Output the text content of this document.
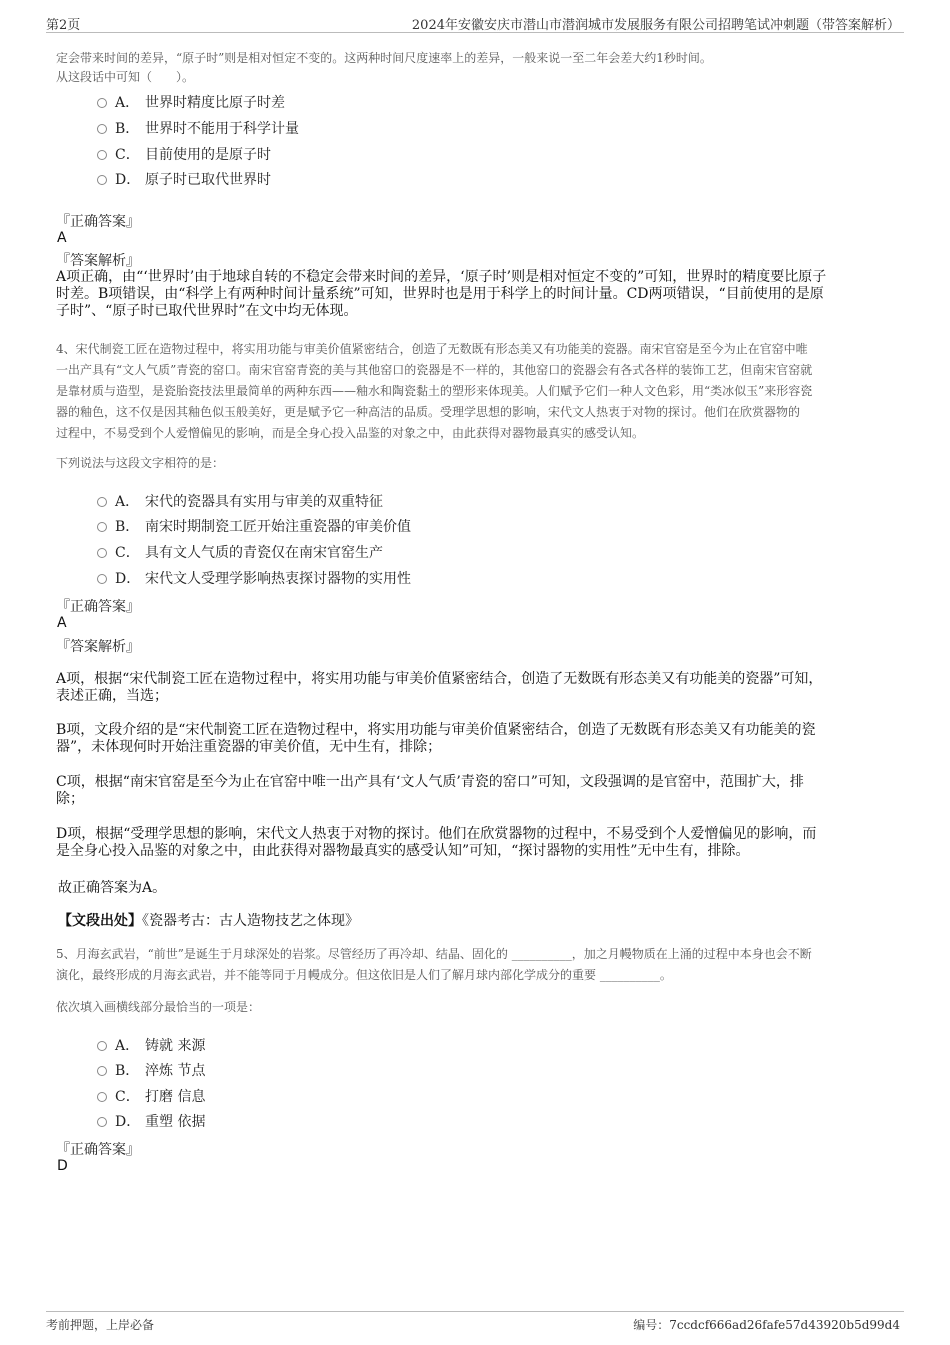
第2页	2024年安徽安庆市潜山市潜润城市发展服务有限公司招聘笔试冲刺题（带答案解析）

定会带来时间的差异，“原子时”则是相对恒定不变的。这两种时间尺度速率上的差异，一般来说一至二年会差大约1秒时间。
从这段话中可知（　　）。

A． 世界时精度比原子时差
B． 世界时不能用于科学计量
C． 目前使用的是原子时
D． 原子时已取代世界时
『正确答案』
A
『答案解析』

A项正确，由“‘世界时’由于地球自转的不稳定会带来时间的差异，‘原子时’则是相对恒定不变的”可知，世界时的精度要比原子
时差。B项错误，由“科学上有两种时间计量系统”可知，世界时也是用于科学上的时间计量。CD两项错误，“目前使用的是原
子时”、“原子时已取代世界时”在文中均无体现。

4、宋代制瓷工匠在造物过程中，将实用功能与审美价值紧密结合，创造了无数既有形态美又有功能美的瓷器。南宋官窑是至今为止在官窑中唯
一出产具有“文人气质”青瓷的窑口。南宋官窑青瓷的美与其他窑口的瓷器是不一样的，其他窑口的瓷器会有各式各样的装饰工艺，但南宋官窑就
是靠材质与造型，是瓷胎瓷技法里最简单的两种东西——釉水和陶瓷黏土的塑形来体现美。人们赋予它们一种人文色彩，用“类冰似玉”来形容瓷
器的釉色，这不仅是因其釉色似玉般美好，更是赋予它一种高洁的品质。受理学思想的影响，宋代文人热衷于对物的探讨。他们在欣赏器物的
过程中，不易受到个人爱憎偏见的影响，而是全身心投入品鉴的对象之中，由此获得对器物最真实的感受认知。

下列说法与这段文字相符的是：

A． 宋代的瓷器具有实用与审美的双重特征
B． 南宋时期制瓷工匠开始注重瓷器的审美价值
C． 具有文人气质的青瓷仅在南宋官窑生产
D． 宋代文人受理学影响热衷探讨器物的实用性
『正确答案』
A
『答案解析』

A项，根据“宋代制瓷工匠在造物过程中，将实用功能与审美价值紧密结合，创造了无数既有形态美又有功能美的瓷器”可知，
表述正确，当选；

B项，文段介绍的是“宋代制瓷工匠在造物过程中，将实用功能与审美价值紧密结合，创造了无数既有形态美又有功能美的瓷
器”，未体现何时开始注重瓷器的审美价值，无中生有，排除；

C项，根据“南宋官窑是至今为止在官窑中唯一出产具有‘文人气质’青瓷的窑口”可知，文段强调的是官窑中，范围扩大，排
除；

D项，根据“受理学思想的影响，宋代文人热衷于对物的探讨。他们在欣赏器物的过程中，不易受到个人爱憎偏见的影响，而
是全身心投入品鉴的对象之中，由此获得对器物最真实的感受认知”可知，“探讨器物的实用性”无中生有，排除。

故正确答案为A。
【文段出处】《瓷器考古：古人造物技艺之体现》

5、月海玄武岩，“前世”是诞生于月球深处的岩浆。尽管经历了再冷却、结晶、固化的 __________，加之月幔物质在上涌的过程中本身也会不断
演化，最终形成的月海玄武岩，并不能等同于月幔成分。但这依旧是人们了解月球内部化学成分的重要 __________。

依次填入画横线部分最恰当的一项是：

A． 铸就 来源
B． 淬炼 节点
C． 打磨 信息
D． 重塑 依据
『正确答案』
D
考前押题，上岸必备	编号：7ccdcf666ad26fafe57d43920b5d99d4
